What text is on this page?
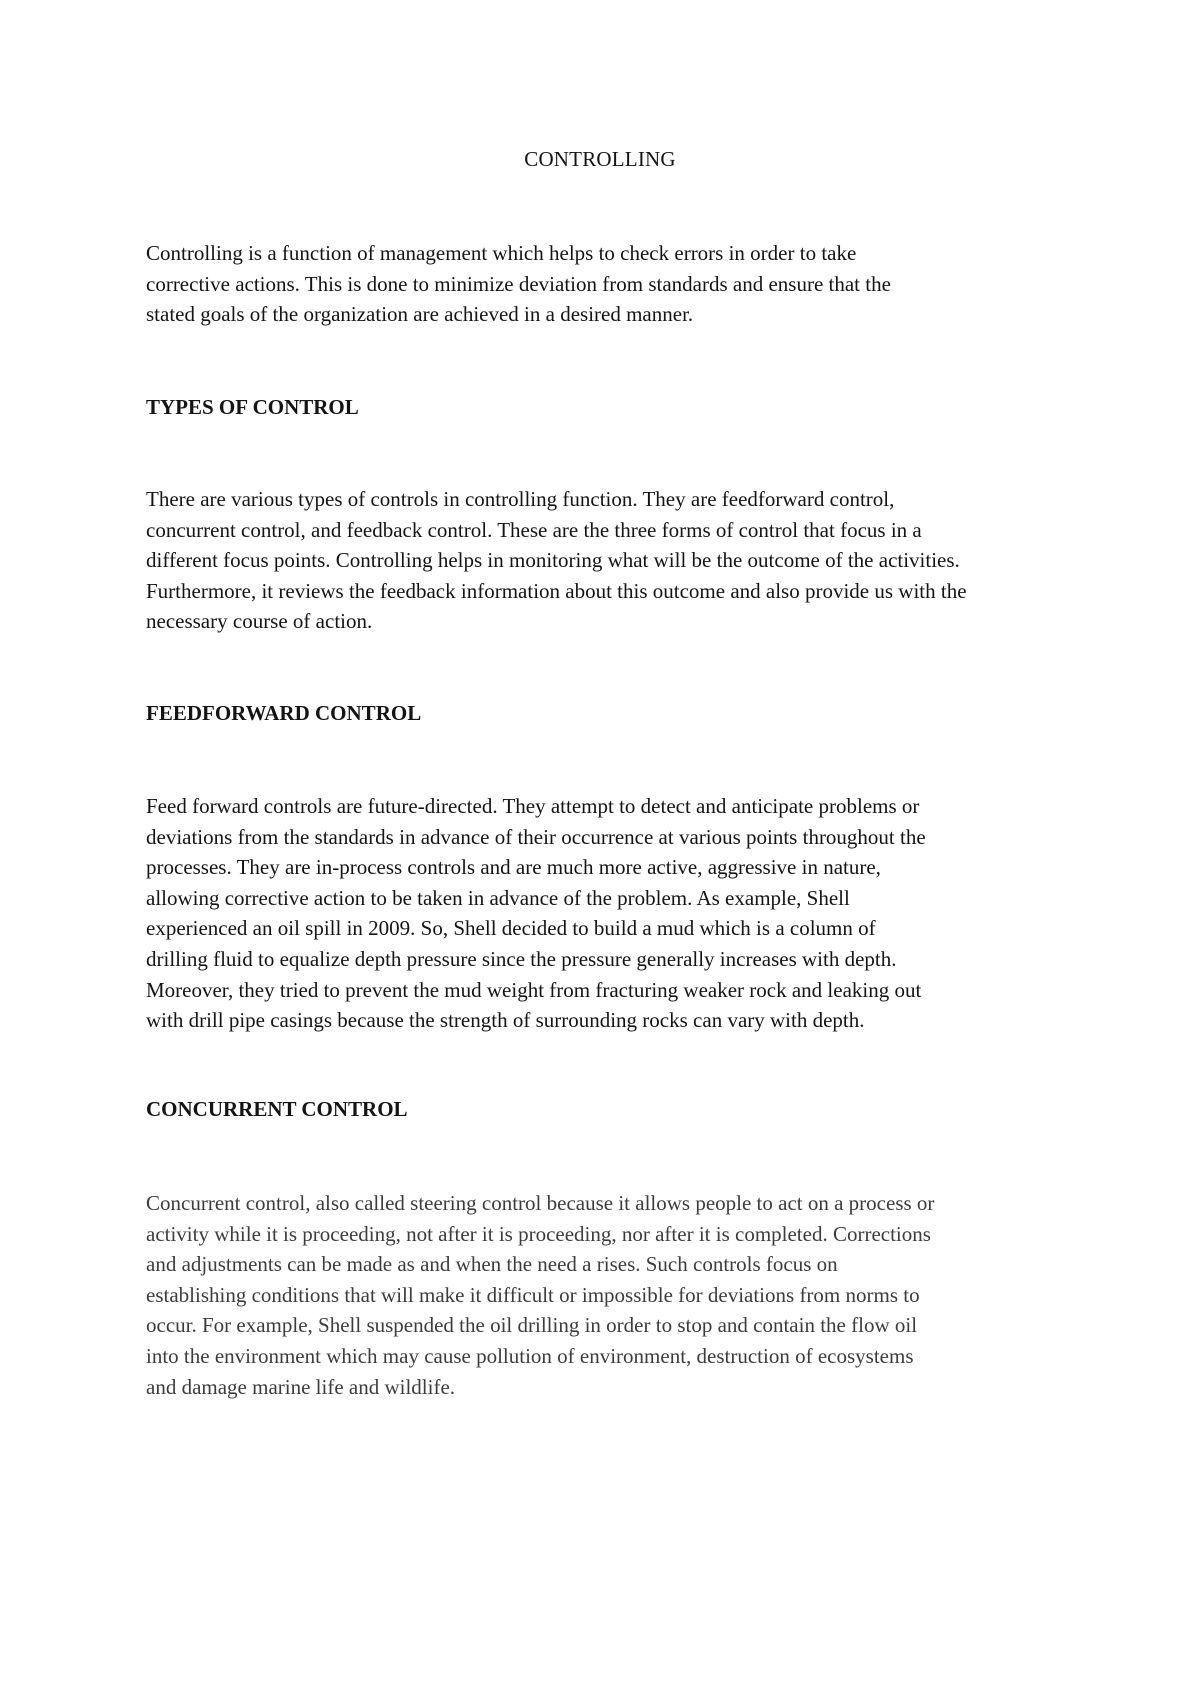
CONTROLLING

Controlling is a function of management which helps to check errors in order to take
corrective actions. This is done to minimize deviation from standards and ensure that the
stated goals of the organization are achieved in a desired manner.

TYPES OF CONTROL

There are various types of controls in controlling function. They are feedforward control,
concurrent control, and feedback control. These are the three forms of control that focus in a
different focus points. Controlling helps in monitoring what will be the outcome of the activities.
Furthermore, it reviews the feedback information about this outcome and also provide us with the
necessary course of action.

FEEDFORWARD CONTROL

Feed forward controls are future-directed. They attempt to detect and anticipate problems or
deviations from the standards in advance of their occurrence at various points throughout the
processes. They are in-process controls and are much more active, aggressive in nature,
allowing corrective action to be taken in advance of the problem. As example, Shell
experienced an oil spill in 2009. So, Shell decided to build a mud which is a column of
drilling fluid to equalize depth pressure since the pressure generally increases with depth.
Moreover, they tried to prevent the mud weight from fracturing weaker rock and leaking out
with drill pipe casings because the strength of surrounding rocks can vary with depth.

CONCURRENT CONTROL

Concurrent control, also called steering control because it allows people to act on a process or
activity while it is proceeding, not after it is proceeding, nor after it is completed. Corrections
and adjustments can be made as and when the need a rises. Such controls focus on
establishing conditions that will make it difficult or impossible for deviations from norms to
occur. For example, Shell suspended the oil drilling in order to stop and contain the flow oil
into the environment which may cause pollution of environment, destruction of ecosystems
and damage marine life and wildlife.
